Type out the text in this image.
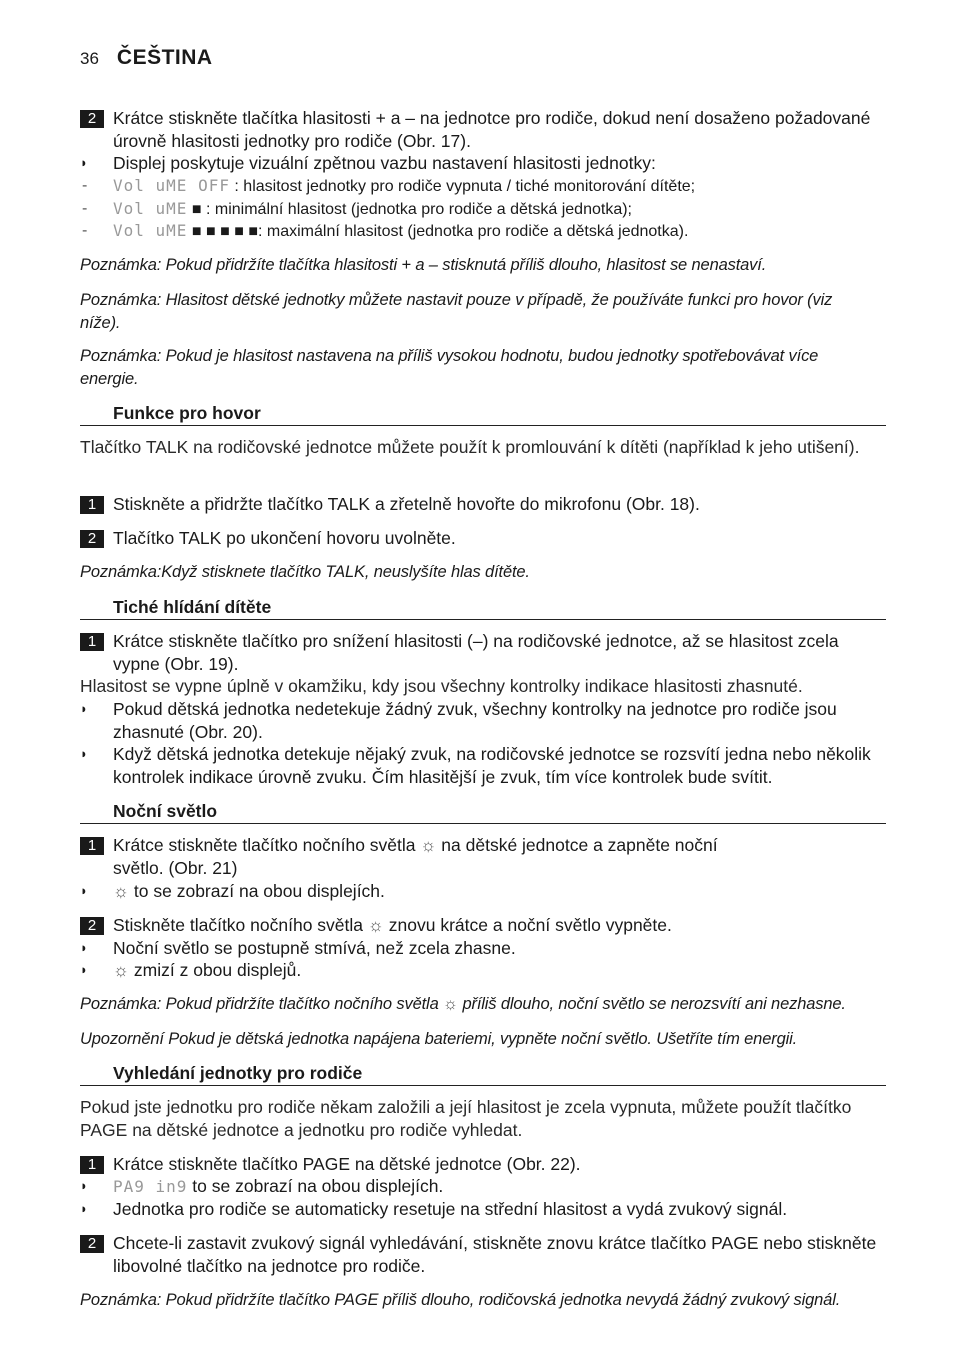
36 ČEŠTINA
2 Krátce stiskněte tlačítka hlasitosti + a – na jednotce pro rodiče, dokud není dosaženo požadované úrovně hlasitosti jednotky pro rodiče (Obr. 17).
◗ Displej poskytuje vizuální zpětnou vazbu nastavení hlasitosti jednotky:
- Vol uME OFF : hlasitost jednotky pro rodiče vypnuta / tiché monitorování dítěte;
- Vol uME ■ : minimální hlasitost (jednotka pro rodiče a dětská jednotka);
- Vol uME ■ ■ ■ ■ ■: maximální hlasitost (jednotka pro rodiče a dětská jednotka).
Poznámka: Pokud přidržíte tlačítka hlasitosti + a – stisknutá příliš dlouho, hlasitost se nenastaví.
Poznámka: Hlasitost dětské jednotky můžete nastavit pouze v případě, že používáte funkci pro hovor (viz níže).
Poznámka: Pokud je hlasitost nastavena na příliš vysokou hodnotu, budou jednotky spotřebovávat více energie.
Funkce pro hovor
Tlačítko TALK na rodičovské jednotce můžete použít k promlouvání k dítěti (například k jeho utišení).
1 Stiskněte a přidržte tlačítko TALK a zřetelně hovořte do mikrofonu (Obr. 18).
2 Tlačítko TALK po ukončení hovoru uvolněte.
Poznámka:Když stisknete tlačítko TALK, neuslyšíte hlas dítěte.
Tiché hlídání dítěte
1 Krátce stiskněte tlačítko pro snížení hlasitosti (–) na rodičovské jednotce, až se hlasitost zcela vypne (Obr. 19).
Hlasitost se vypne úplně v okamžiku, kdy jsou všechny kontrolky indikace hlasitosti zhasnuté.
◗ Pokud dětská jednotka nedetekuje žádný zvuk, všechny kontrolky na jednotce pro rodiče jsou zhasnuté (Obr. 20).
◗ Když dětská jednotka detekuje nějaký zvuk, na rodičovské jednotce se rozsvítí jedna nebo několik kontrolek indikace úrovně zvuku. Čím hlasitější je zvuk, tím více kontrolek bude svítit.
Noční světlo
1 Krátce stiskněte tlačítko nočního světla ☼ na dětské jednotce a zapněte noční
světlo. (Obr. 21)
◗ ☼ to se zobrazí na obou displejích.
2 Stiskněte tlačítko nočního světla ☼ znovu krátce a noční světlo vypněte.
◗ Noční světlo se postupně stmívá, než zcela zhasne.
◗ ☼ zmizí z obou displejů.
Poznámka: Pokud přidržíte tlačítko nočního světla ☼ příliš dlouho, noční světlo se nerozsvítí ani nezhasne.
Upozornění Pokud je dětská jednotka napájena bateriemi, vypněte noční světlo. Ušetříte tím energii.
Vyhledání jednotky pro rodiče
Pokud jste jednotku pro rodiče někam založili a její hlasitost je zcela vypnuta, můžete použít tlačítko PAGE na dětské jednotce a jednotku pro rodiče vyhledat.
1 Krátce stiskněte tlačítko PAGE na dětské jednotce (Obr. 22).
◗ PA9 in9 to se zobrazí na obou displejích.
◗ Jednotka pro rodiče se automaticky resetuje na střední hlasitost a vydá zvukový signál.
2 Chcete-li zastavit zvukový signál vyhledávání, stiskněte znovu krátce tlačítko PAGE nebo stiskněte libovolné tlačítko na jednotce pro rodiče.
Poznámka: Pokud přidržíte tlačítko PAGE příliš dlouho, rodičovská jednotka nevydá žádný zvukový signál.
